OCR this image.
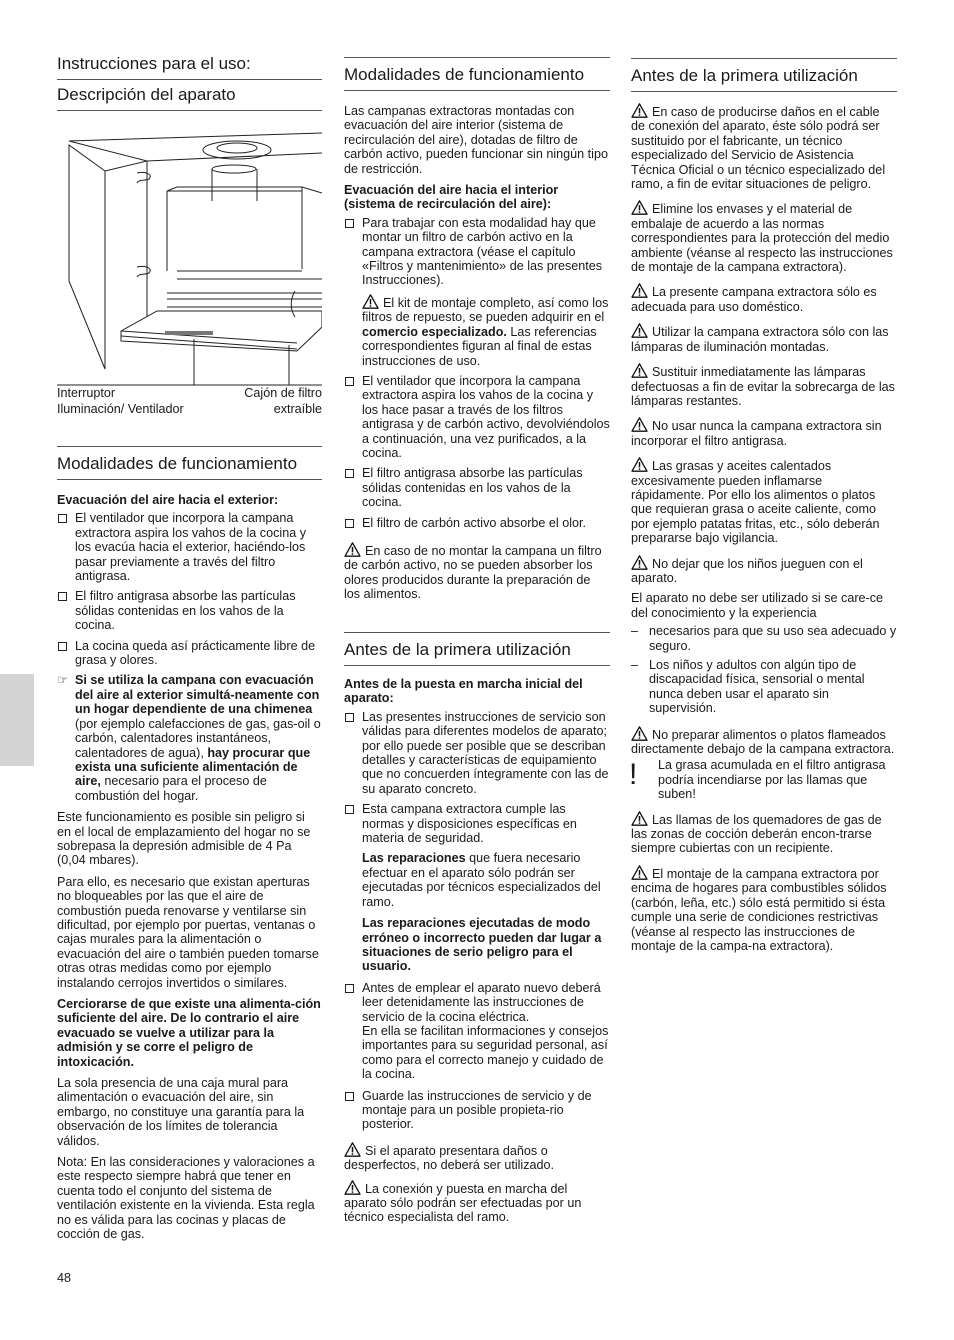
Instrucciones para el uso:
Descripción del aparato
Interruptor
Iluminación/ Ventilador
Cajón de filtro
extraíble
Modalidades de funcionamiento
Evacuación del aire hacia el exterior:
El ventilador que incorpora la campana extractora aspira los vahos de la cocina y los evacúa hacia el exterior, haciéndo-los pasar previamente a través del filtro antigrasa.
El filtro antigrasa absorbe las partículas sólidas contenidas en los vahos de la cocina.
La cocina queda así prácticamente libre de grasa y olores.
☞ Si se utiliza la campana con evacuación del aire al exterior simultá-neamente con un hogar dependiente de una chimenea (por ejemplo calefacciones de gas, gas-oil o carbón, calentadores instantáneos, calentadores de agua), hay procurar que exista una suficiente alimentación de aire, necesario para el proceso de combustión del hogar.

Este funcionamiento es posible sin peligro si en el local de emplazamiento del hogar no se sobrepasa la depresión admisible de 4 Pa (0,04 mbares).

Para ello, es necesario que existan aperturas no bloqueables por las que el aire de combustión pueda renovarse y ventilarse sin dificultad, por ejemplo por puertas, ventanas o cajas murales para la alimentación o evacuación del aire o también pueden tomarse otras otras medidas como por ejemplo instalando cerrojos invertidos o similares.

Cerciorarse de que existe una alimenta-ción suficiente del aire. De lo contrario el aire evacuado se vuelve a utilizar para la admisión y se corre el peligro de intoxicación.

La sola presencia de una caja mural para alimentación o evacuación del aire, sin embargo, no constituye una garantía para la observación de los límites de tolerancia válidos.

Nota: En las consideraciones y valoraciones a este respecto siempre habrá que tener en cuenta todo el conjunto del sistema de ventilación existente en la vivienda. Esta regla no es válida para las cocinas y placas de cocción de gas.

Modalidades de funcionamiento

Las campanas extractoras montadas con evacuación del aire interior (sistema de recirculación del aire), dotadas de filtro de carbón activo, pueden funcionar sin ningún tipo de restricción.

Evacuación del aire hacia el interior (sistema de recirculación del aire):
Para trabajar con esta modalidad hay que montar un filtro de carbón activo en la campana extractora (véase el capítulo «Filtros y mantenimiento» de las presentes Instrucciones).
El kit de montaje completo, así como los filtros de repuesto, se pueden adquirir en el comercio especializado. Las referencias correspondientes figuran al final de estas instrucciones de uso.
El ventilador que incorpora la campana extractora aspira los vahos de la cocina y los hace pasar a través de los filtros antigrasa y de carbón activo, devolviéndolos a continuación, una vez purificados, a la cocina.
El filtro antigrasa absorbe las partículas sólidas contenidas en los vahos de la cocina.
El filtro de carbón activo absorbe el olor.

En caso de no montar la campana un filtro de carbón activo, no se pueden absorber los olores producidos durante la preparación de los alimentos.

Antes de la primera utilización
Antes de la puesta en marcha inicial del aparato:
Las presentes instrucciones de servicio son válidas para diferentes modelos de aparato; por ello puede ser posible que se describan detalles y características de equipamiento que no concuerden íntegramente con las de su aparato concreto.
Esta campana extractora cumple las normas y disposiciones específicas en materia de seguridad.

Las reparaciones que fuera necesario efectuar en el aparato sólo podrán ser ejecutadas por técnicos especializados del ramo.

Las reparaciones ejecutadas de modo erróneo o incorrecto pueden dar lugar a situaciones de serio peligro para el usuario.

Antes de emplear el aparato nuevo deberá leer detenidamente las instrucciones de servicio de la cocina eléctrica.

En ella se facilitan informaciones y consejos importantes para su seguridad personal, así como para el correcto manejo y cuidado de la cocina.

Guarde las instrucciones de servicio y de montaje para un posible propieta-rio posterior.

Si el aparato presentara daños o desperfectos, no deberá ser utilizado.

La conexión y puesta en marcha del aparato sólo podrán ser efectuadas por un técnico especialista del ramo.

Antes de la primera utilización

En caso de producirse daños en el cable de conexión del aparato, éste sólo podrá ser sustituido por el fabricante, un técnico especializado del Servicio de Asistencia Técnica Oficial o un técnico especializado del ramo, a fin de evitar situaciones de peligro.

Elimine los envases y el material de embalaje de acuerdo a las normas correspondientes para la protección del medio ambiente (véanse al respecto las instrucciones de montaje de la campana extractora).

La presente campana extractora sólo es adecuada para uso doméstico.

Utilizar la campana extractora sólo con las lámparas de iluminación montadas.

Sustituir inmediatamente las lámparas defectuosas a fin de evitar la sobrecarga de las lámparas restantes.

No usar nunca la campana extractora sin incorporar el filtro antigrasa.

Las grasas y aceites calentados excesivamente pueden inflamarse rápidamente. Por ello los alimentos o platos que requieran grasa o aceite caliente, como por ejemplo patatas fritas, etc., sólo deberán prepararse bajo vigilancia.

No dejar que los niños jueguen con el aparato.

El aparato no debe ser utilizado si se care-ce del conocimiento y la experiencia

– necesarios para que su uso sea adecuado y seguro.
– Los niños y adultos con algún tipo de discapacidad física, sensorial o mental nunca deben usar el aparato sin supervisión.

No preparar alimentos o platos flameados directamente debajo de la campana extractora.

! La grasa acumulada en el filtro antigrasa podría incendiarse por las llamas que suben!

Las llamas de los quemadores de gas de las zonas de cocción deberán encon-trarse siempre cubiertas con un recipiente.

El montaje de la campana extractora por encima de hogares para combustibles sólidos (carbón, leña, etc.) sólo está permitido si ésta cumple una serie de condiciones restrictivas (véanse al respecto las instrucciones de montaje de la campa-na extractora).

48
